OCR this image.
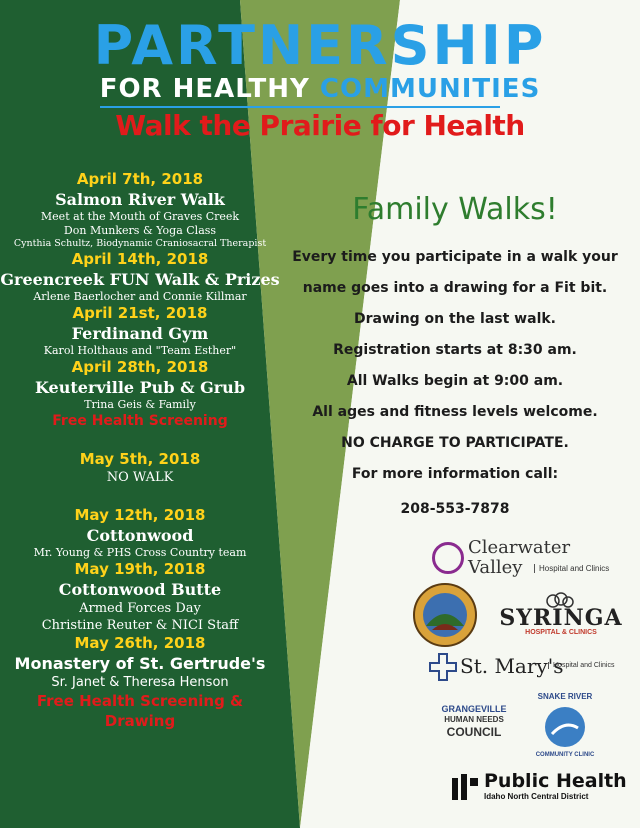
PARTNERSHIP
FOR HEALTHY COMMUNITIES
Walk the Prairie for Health
April 7th, 2018
Salmon River Walk
Meet at the Mouth of Graves Creek
Don Munkers & Yoga Class
Cynthia Schultz, Biodynamic Craniosacral Therapist
April 14th, 2018
Greencreek FUN Walk & Prizes
Arlene Baerlocher and Connie Killmar
April 21st, 2018
Ferdinand Gym
Karol Holthaus and "Team Esther"
April 28th, 2018
Keuterville Pub & Grub
Trina Geis & Family
Free Health Screening
May 5th, 2018
NO WALK
May 12th, 2018
Cottonwood
Mr. Young & PHS Cross Country team
May 19th, 2018
Cottonwood Butte
Armed Forces Day
Christine Reuter & NICI Staff
May 26th, 2018
Monastery of St. Gertrude's
Sr. Janet & Theresa Henson
Free Health Screening & Drawing
Family Walks!
Every time you participate in a walk your
name goes into a drawing for a Fit bit.
Drawing on the last walk.
Registration starts at 8:30 am.
All Walks begin at 9:00 am.
All ages and fitness levels welcome.
NO CHARGE TO PARTICIPATE.
For more information call:
208-553-7878
Clearwater
Valley	Hospital and Clinics
SYRINGA
HOSPITAL & CLINICS
St. Mary's
Hospital and Clinics
GRANGEVILLE
HUMAN NEEDS
COUNCIL
SNAKE RIVER
COMMUNITY CLINIC
Public Health
Idaho North Central District
